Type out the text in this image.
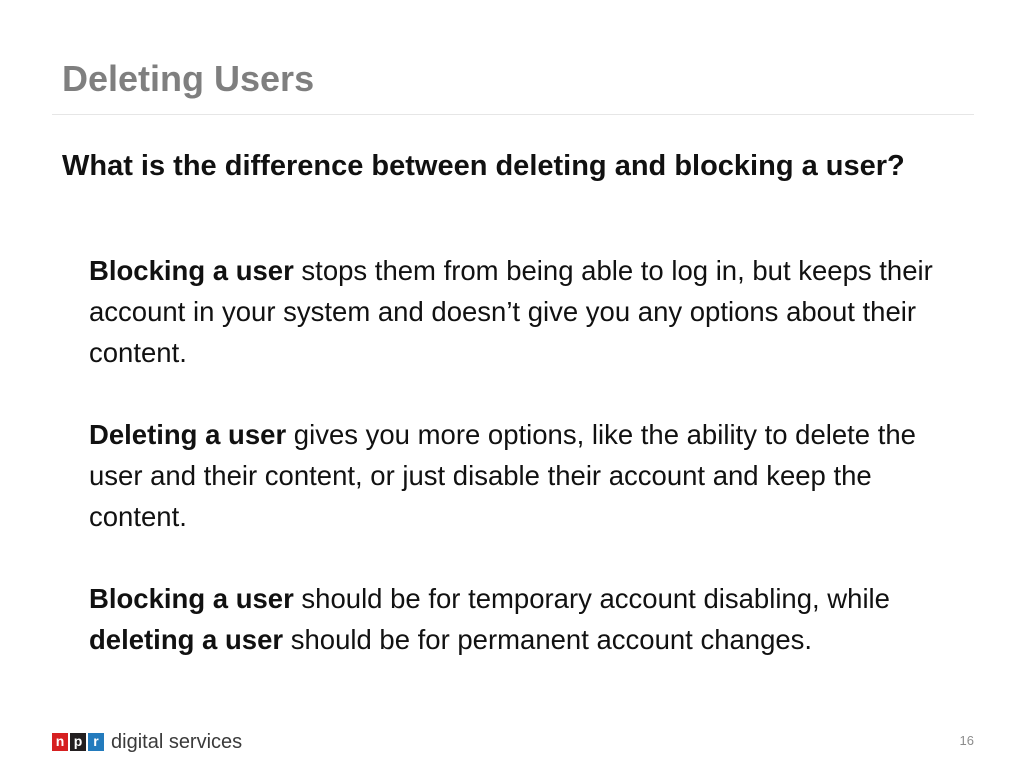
Deleting Users
What is the difference between deleting and blocking a user?

Blocking a user stops them from being able to log in, but keeps their account in your system and doesn’t give you any options about their content.

Deleting a user gives you more options, like the ability to delete the user and their content, or just disable their account and keep the content.

Blocking a user should be for temporary account disabling, while deleting a user should be for permanent account changes.

n p r digital services	16
